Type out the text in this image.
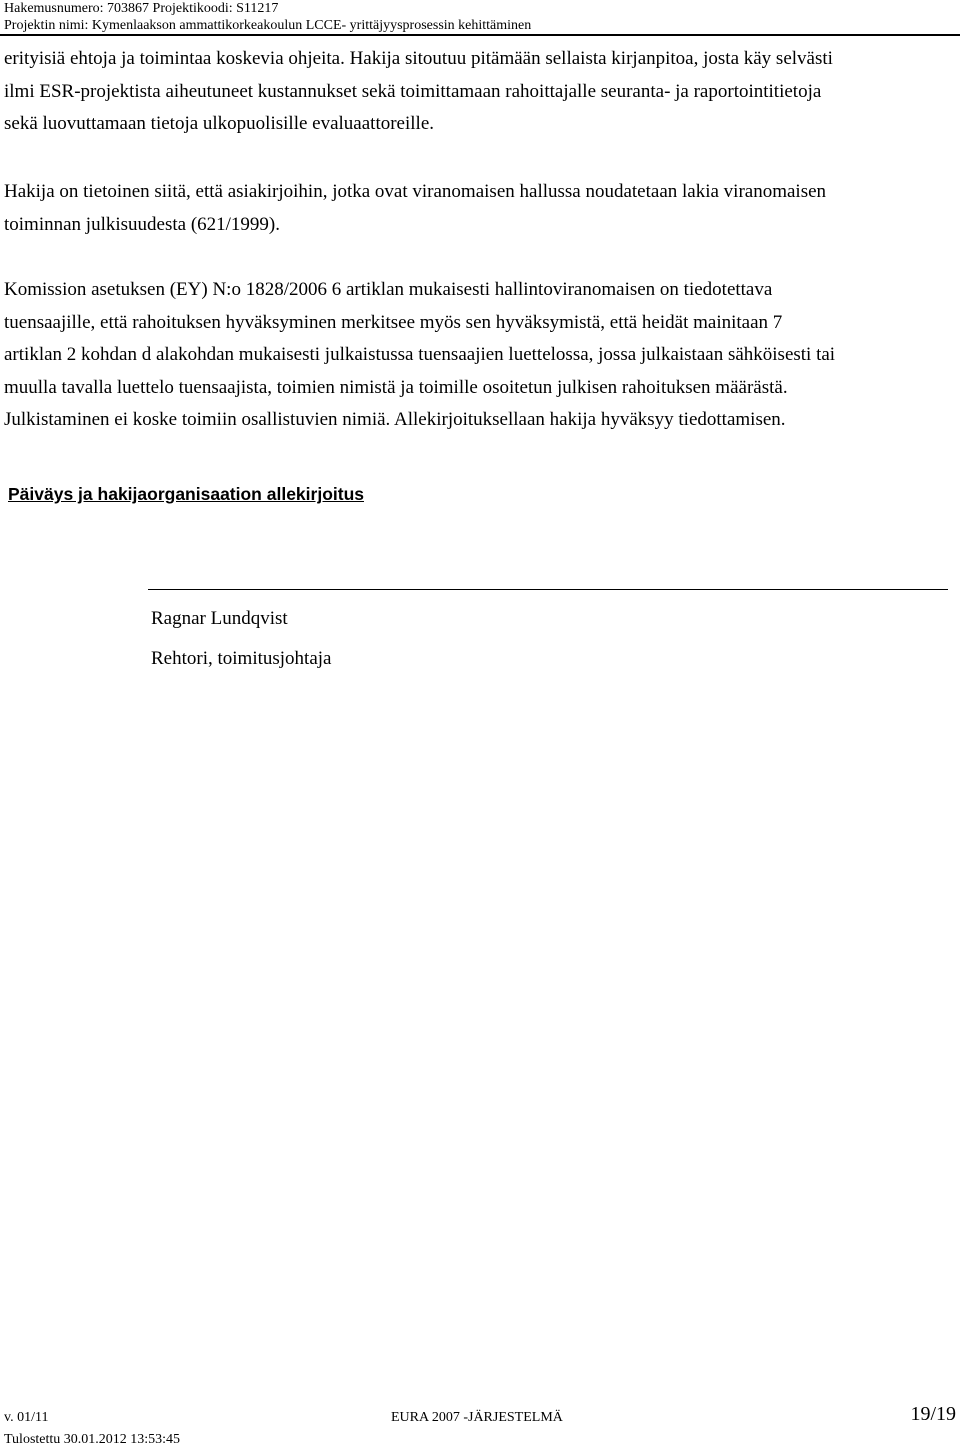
Hakemusnumero: 703867 Projektikoodi: S11217
Projektin nimi: Kymenlaakson ammattikorkeakoulun LCCE- yrittäjyysprosessin kehittäminen

erityisiä ehtoja ja toimintaa koskevia ohjeita. Hakija sitoutuu pitämään sellaista kirjanpitoa, josta käy selvästi
ilmi ESR-projektista aiheutuneet kustannukset sekä toimittamaan rahoittajalle seuranta- ja raportointitietoja
sekä luovuttamaan tietoja ulkopuolisille evaluaattoreille.

Hakija on tietoinen siitä, että asiakirjoihin, jotka ovat viranomaisen hallussa noudatetaan lakia viranomaisen
toiminnan julkisuudesta (621/1999).

Komission asetuksen (EY) N:o 1828/2006 6 artiklan mukaisesti hallintoviranomaisen on tiedotettava
tuensaajille, että rahoituksen hyväksyminen merkitsee myös sen hyväksymistä, että heidät mainitaan 7
artiklan 2 kohdan d alakohdan mukaisesti julkaistussa tuensaajien luettelossa, jossa julkaistaan sähköisesti tai
muulla tavalla luettelo tuensaajista, toimien nimistä ja toimille osoitetun julkisen rahoituksen määrästä.
Julkistaminen ei koske toimiin osallistuvien nimiä. Allekirjoituksellaan hakija hyväksyy tiedottamisen.

Päiväys ja hakijaorganisaation allekirjoitus
Ragnar Lundqvist
Rehtori, toimitusjohtaja
v. 01/11	EURA 2007 -JÄRJESTELMÄ	19/19
Tulostettu 30.01.2012 13:53:45
